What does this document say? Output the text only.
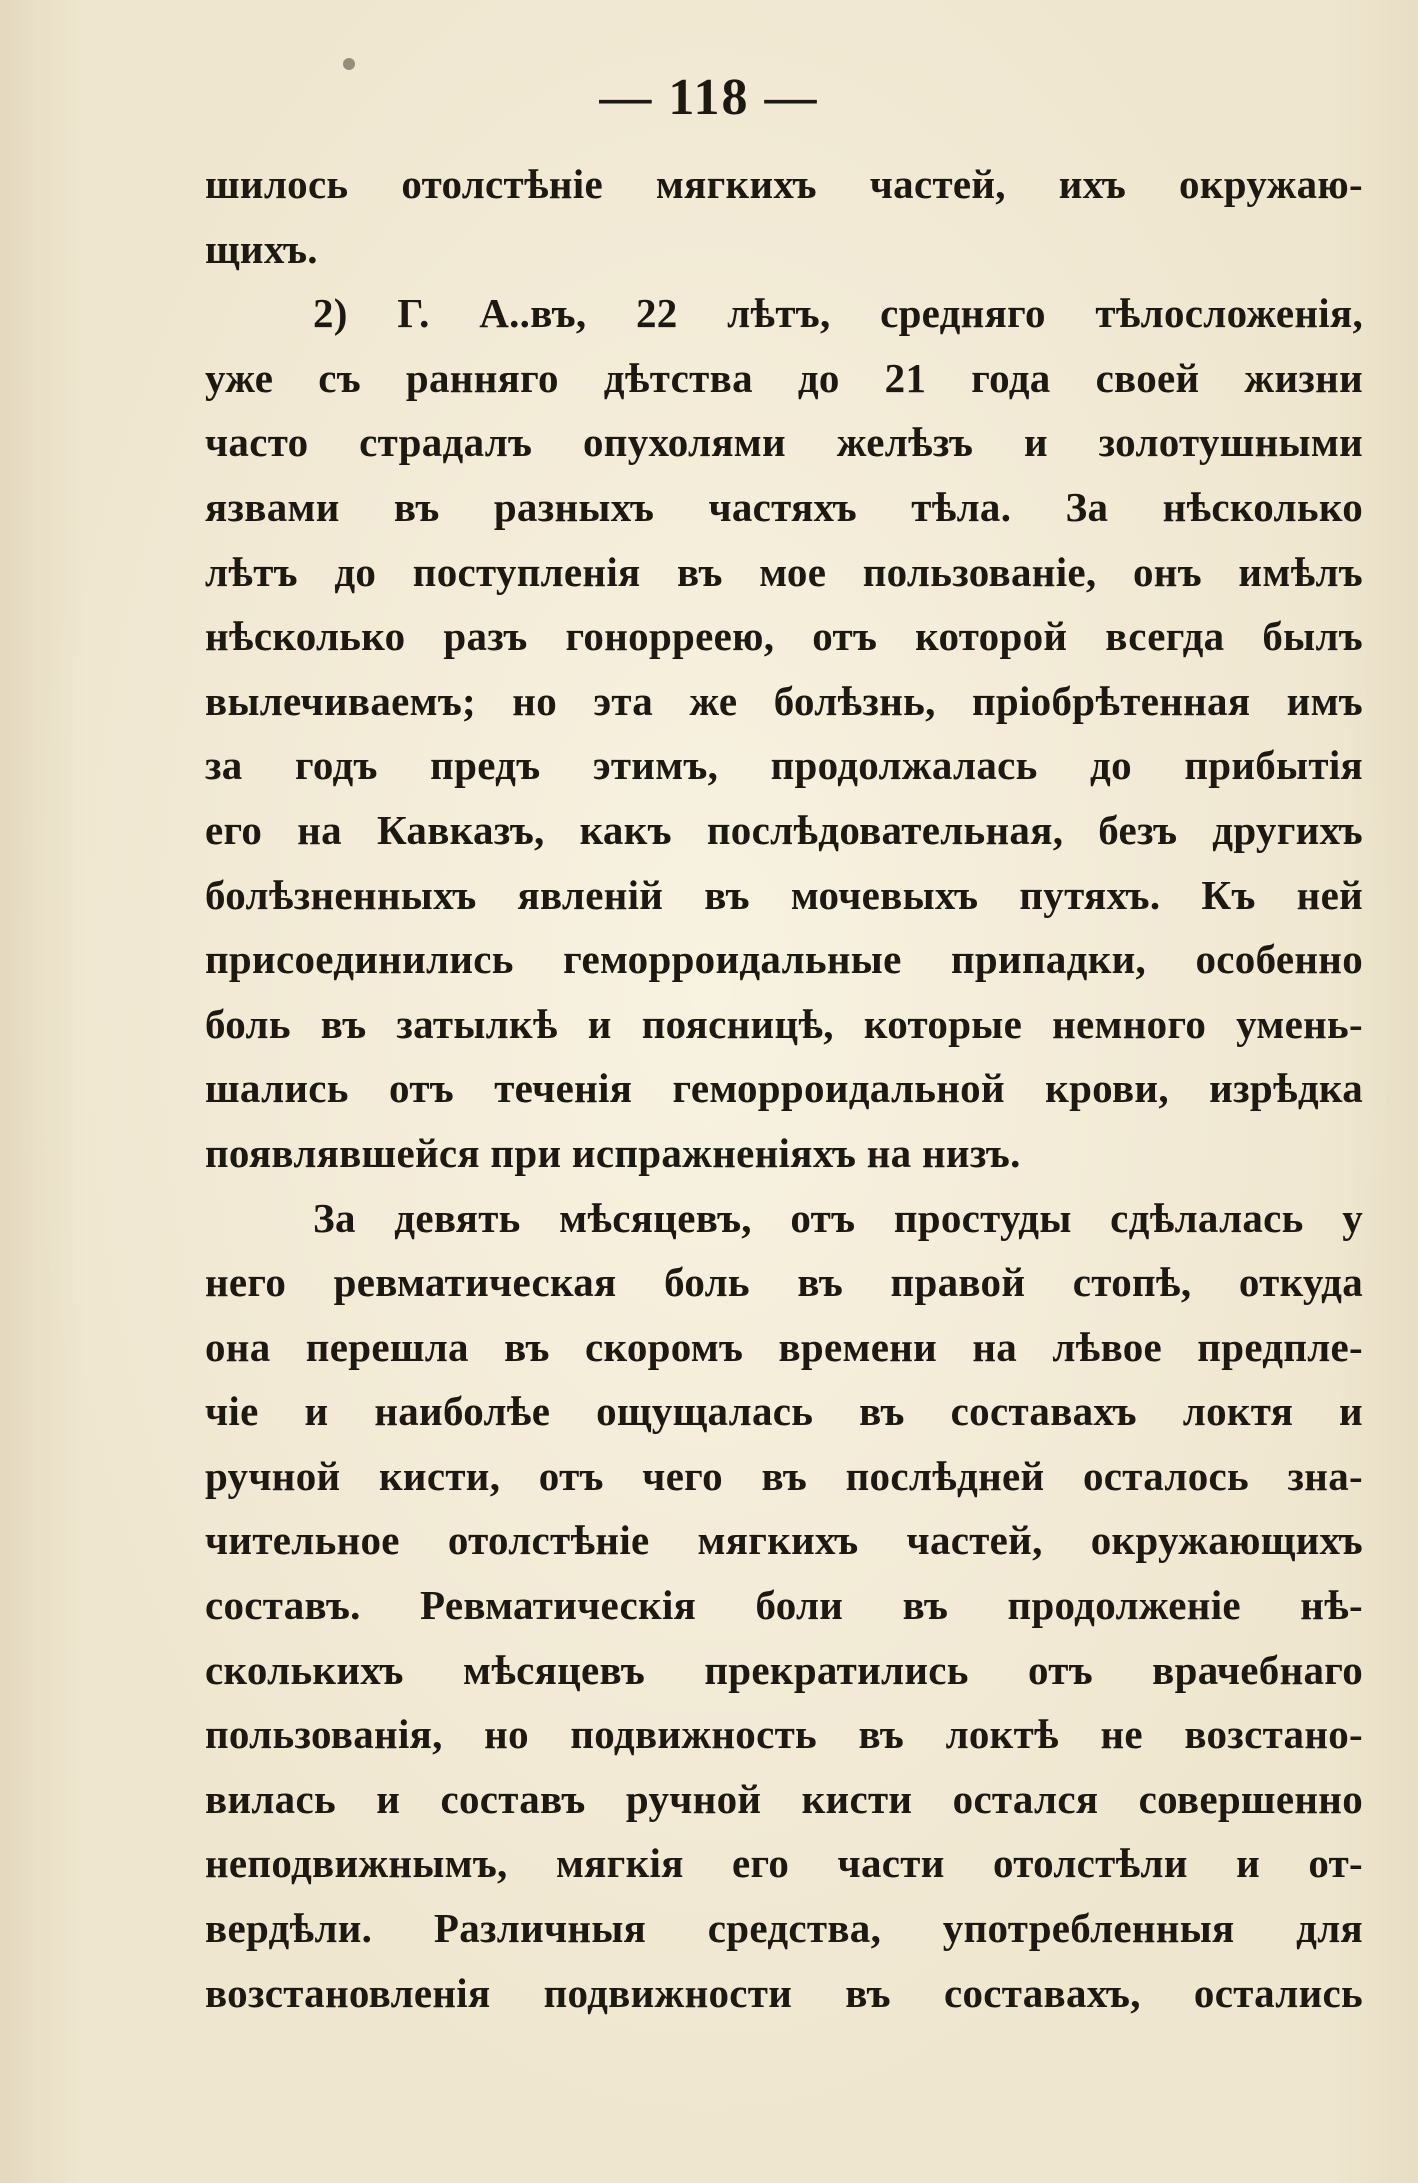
— 118 —
шилось отолстѣніе мягкихъ частей, ихъ окружаю-
щихъ.
2) Г. А..въ, 22 лѣтъ, средняго тѣлосложенія,
уже съ ранняго дѣтства до 21 года своей жизни
часто страдалъ опухолями желѣзъ и золотушными
язвами въ разныхъ частяхъ тѣла. За нѣсколько
лѣтъ до поступленія въ мое пользованіе, онъ имѣлъ
нѣсколько разъ гонорреею, отъ которой всегда былъ
вылечиваемъ; но эта же болѣзнь, пріобрѣтенная имъ
за годъ предъ этимъ, продолжалась до прибытія
его на Кавказъ, какъ послѣдовательная, безъ другихъ
болѣзненныхъ явленій въ мочевыхъ путяхъ. Къ ней
присоединились геморроидальные припадки, особенно
боль въ затылкѣ и поясницѣ, которые немного умень-
шались отъ теченія геморроидальной крови, изрѣдка
появлявшейся при испражненіяхъ на низъ.
За девять мѣсяцевъ, отъ простуды сдѣлалась у
него ревматическая боль въ правой стопѣ, откуда
она перешла въ скоромъ времени на лѣвое предпле-
чіе и наиболѣе ощущалась въ составахъ локтя и
ручной кисти, отъ чего въ послѣдней осталось зна-
чительное отолстѣніе мягкихъ частей, окружающихъ
составъ. Ревматическія боли въ продолженіе нѣ-
сколькихъ мѣсяцевъ прекратились отъ врачебнаго
пользованія, но подвижность въ локтѣ не возстано-
вилась и составъ ручной кисти остался совершенно
неподвижнымъ, мягкія его части отолстѣли и от-
вердѣли. Различныя средства, употребленныя для
возстановленія подвижности въ составахъ, остались
